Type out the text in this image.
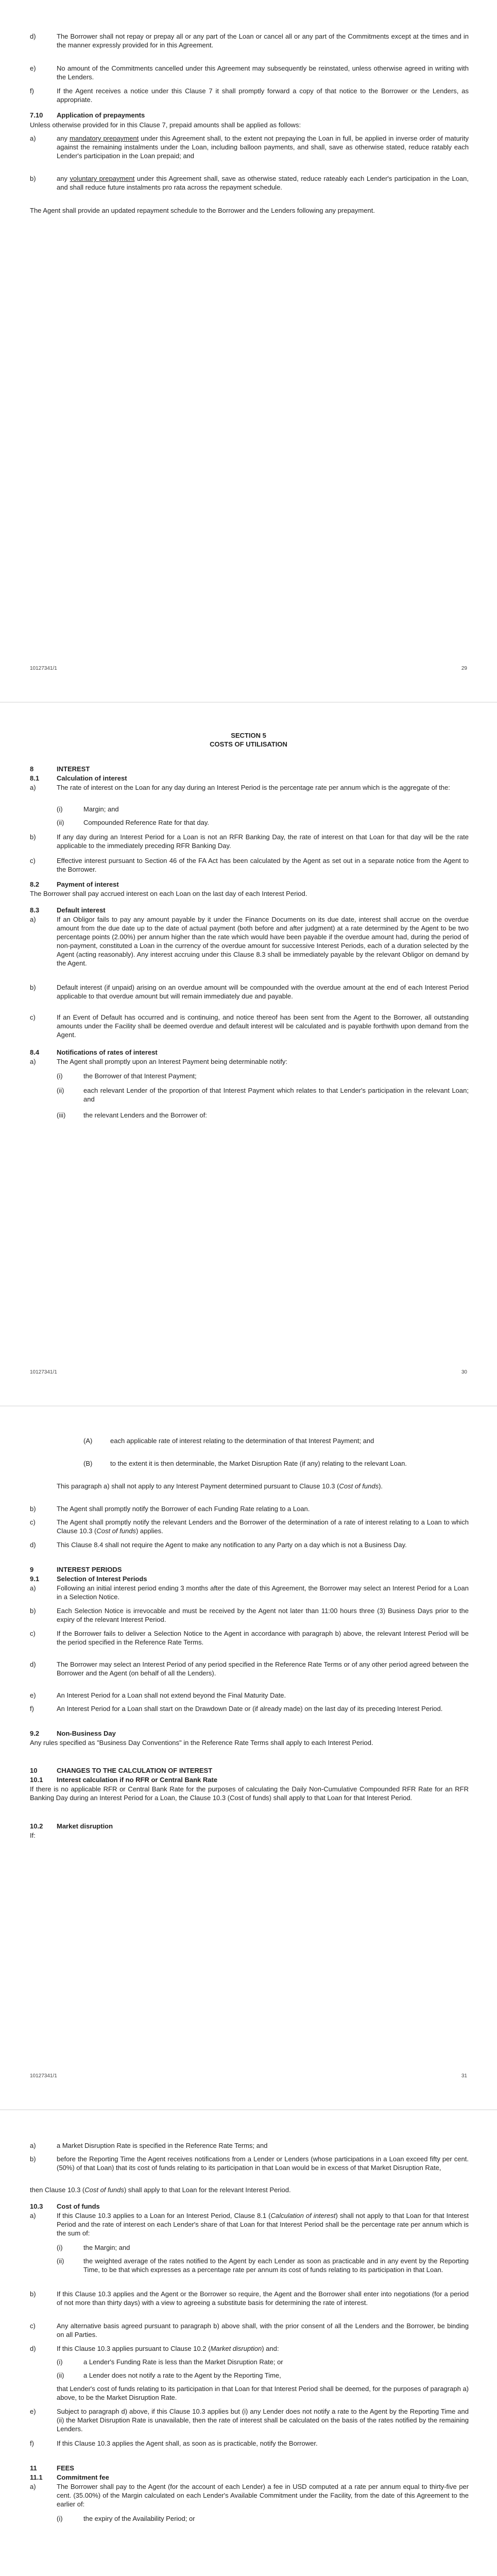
d)	The Borrower shall not repay or prepay all or any part of the Loan or cancel all or any part of the Commitments except at the times and in the manner expressly provided for in this Agreement.
e)	No amount of the Commitments cancelled under this Agreement may subsequently be reinstated, unless otherwise agreed in writing with the Lenders.
f)	If the Agent receives a notice under this Clause 7 it shall promptly forward a copy of that notice to the Borrower or the Lenders, as appropriate.
7.10	Application of prepayments
Unless otherwise provided for in this Clause 7, prepaid amounts shall be applied as follows:
a)	any mandatory prepayment under this Agreement shall, to the extent not prepaying the Loan in full, be applied in inverse order of maturity against the remaining instalments under the Loan, including balloon payments, and shall, save as otherwise stated, reduce ratably each Lender's participation in the Loan prepaid; and
b)	any voluntary prepayment under this Agreement shall, save as otherwise stated, reduce rateably each Lender's participation in the Loan, and shall reduce future instalments pro rata across the repayment schedule.
The Agent shall provide an updated repayment schedule to the Borrower and the Lenders following any prepayment.
10127341/1	29
SECTION 5
COSTS OF UTILISATION
8	INTEREST
8.1	Calculation of interest
a)	The rate of interest on the Loan for any day during an Interest Period is the percentage rate per annum which is the aggregate of the:
(i)	Margin; and
(ii)	Compounded Reference Rate for that day.
b)	If any day during an Interest Period for a Loan is not an RFR Banking Day, the rate of interest on that Loan for that day will be the rate applicable to the immediately preceding RFR Banking Day.
c)	Effective interest pursuant to Section 46 of the FA Act has been calculated by the Agent as set out in a separate notice from the Agent to the Borrower.
8.2	Payment of interest
The Borrower shall pay accrued interest on each Loan on the last day of each Interest Period.
8.3	Default interest
a)	If an Obligor fails to pay any amount payable by it under the Finance Documents on its due date, interest shall accrue on the overdue amount from the due date up to the date of actual payment (both before and after judgment) at a rate determined by the Agent to be two percentage points (2.00%) per annum higher than the rate which would have been payable if the overdue amount had, during the period of non-payment, constituted a Loan in the currency of the overdue amount for successive Interest Periods, each of a duration selected by the Agent (acting reasonably). Any interest accruing under this Clause 8.3 shall be immediately payable by the relevant Obligor on demand by the Agent.
b)	Default interest (if unpaid) arising on an overdue amount will be compounded with the overdue amount at the end of each Interest Period applicable to that overdue amount but will remain immediately due and payable.
c)	If an Event of Default has occurred and is continuing, and notice thereof has been sent from the Agent to the Borrower, all outstanding amounts under the Facility shall be deemed overdue and default interest will be calculated and is payable forthwith upon demand from the Agent.
8.4	Notifications of rates of interest
a)	The Agent shall promptly upon an Interest Payment being determinable notify:
(i)	the Borrower of that Interest Payment;
(ii)	each relevant Lender of the proportion of that Interest Payment which relates to that Lender's participation in the relevant Loan; and
(iii)	the relevant Lenders and the Borrower of:
10127341/1	30
(A)	each applicable rate of interest relating to the determination of that Interest Payment; and
(B)	to the extent it is then determinable, the Market Disruption Rate (if any) relating to the relevant Loan.
This paragraph a) shall not apply to any Interest Payment determined pursuant to Clause 10.3 (Cost of funds).
b)	The Agent shall promptly notify the Borrower of each Funding Rate relating to a Loan.
c)	The Agent shall promptly notify the relevant Lenders and the Borrower of the determination of a rate of interest relating to a Loan to which Clause 10.3 (Cost of funds) applies.
d)	This Clause 8.4 shall not require the Agent to make any notification to any Party on a day which is not a Business Day.
9	INTEREST PERIODS
9.1	Selection of Interest Periods
a)	Following an initial interest period ending 3 months after the date of this Agreement, the Borrower may select an Interest Period for a Loan in a Selection Notice.
b)	Each Selection Notice is irrevocable and must be received by the Agent not later than 11:00 hours three (3) Business Days prior to the expiry of the relevant Interest Period.
c)	If the Borrower fails to deliver a Selection Notice to the Agent in accordance with paragraph b) above, the relevant Interest Period will be the period specified in the Reference Rate Terms.
d)	The Borrower may select an Interest Period of any period specified in the Reference Rate Terms or of any other period agreed between the Borrower and the Agent (on behalf of all the Lenders).
e)	An Interest Period for a Loan shall not extend beyond the Final Maturity Date.
f)	An Interest Period for a Loan shall start on the Drawdown Date or (if already made) on the last day of its preceding Interest Period.
9.2	Non-Business Day
Any rules specified as "Business Day Conventions" in the Reference Rate Terms shall apply to each Interest Period.
10	CHANGES TO THE CALCULATION OF INTEREST
10.1	Interest calculation if no RFR or Central Bank Rate
If there is no applicable RFR or Central Bank Rate for the purposes of calculating the Daily Non-Cumulative Compounded RFR Rate for an RFR Banking Day during an Interest Period for a Loan, the Clause 10.3 (Cost of funds) shall apply to that Loan for that Interest Period.
10.2	Market disruption
If:
10127341/1	31
a)	a Market Disruption Rate is specified in the Reference Rate Terms; and
b)	before the Reporting Time the Agent receives notifications from a Lender or Lenders (whose participations in a Loan exceed fifty per cent. (50%) of that Loan) that its cost of funds relating to its participation in that Loan would be in excess of that Market Disruption Rate,
then Clause 10.3 (Cost of funds) shall apply to that Loan for the relevant Interest Period.
10.3	Cost of funds
a)	If this Clause 10.3 applies to a Loan for an Interest Period, Clause 8.1 (Calculation of interest) shall not apply to that Loan for that Interest Period and the rate of interest on each Lender's share of that Loan for that Interest Period shall be the percentage rate per annum which is the sum of:
(i)	the Margin; and
(ii)	the weighted average of the rates notified to the Agent by each Lender as soon as practicable and in any event by the Reporting Time, to be that which expresses as a percentage rate per annum its cost of funds relating to its participation in that Loan.
b)	If this Clause 10.3 applies and the Agent or the Borrower so require, the Agent and the Borrower shall enter into negotiations (for a period of not more than thirty days) with a view to agreeing a substitute basis for determining the rate of interest.
c)	Any alternative basis agreed pursuant to paragraph b) above shall, with the prior consent of all the Lenders and the Borrower, be binding on all Parties.
d)	If this Clause 10.3 applies pursuant to Clause 10.2 (Market disruption) and:
(i)	a Lender's Funding Rate is less than the Market Disruption Rate; or
(ii)	a Lender does not notify a rate to the Agent by the Reporting Time,
that Lender's cost of funds relating to its participation in that Loan for that Interest Period shall be deemed, for the purposes of paragraph a) above, to be the Market Disruption Rate.
e)	Subject to paragraph d) above, if this Clause 10.3 applies but (i) any Lender does not notify a rate to the Agent by the Reporting Time and (ii) the Market Disruption Rate is unavailable, then the rate of interest shall be calculated on the basis of the rates notified by the remaining Lenders.
f)	If this Clause 10.3 applies the Agent shall, as soon as is practicable, notify the Borrower.
11	FEES
11.1	Commitment fee
a)	The Borrower shall pay to the Agent (for the account of each Lender) a fee in USD computed at a rate per annum equal to thirty-five per cent. (35.00%) of the Margin calculated on each Lender's Available Commitment under the Facility, from the date of this Agreement to the earlier of:
(i)	the expiry of the Availability Period; or
